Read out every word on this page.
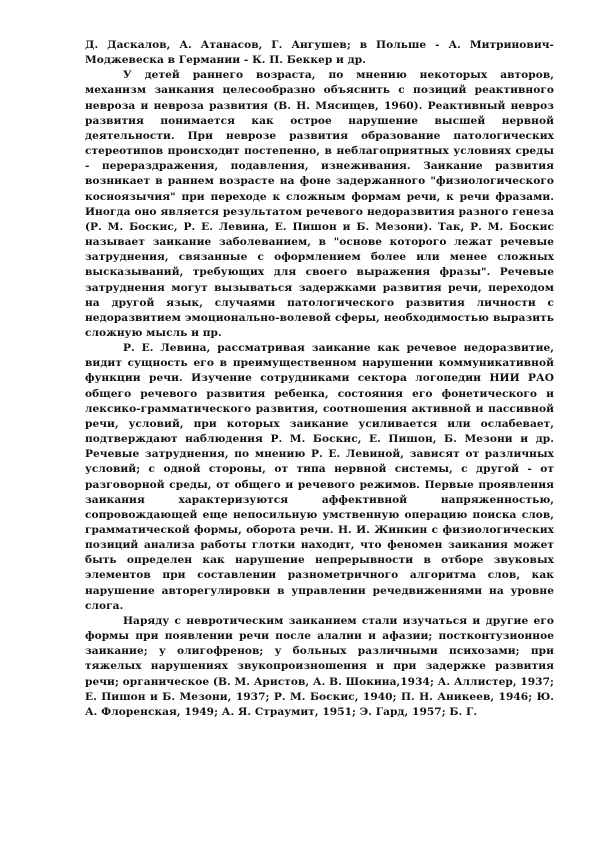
Д. Даскалов, А. Атанасов, Г. Ангушев; в Польше - А. Митринович-Моджевеска в Германии - К. П. Беккер и др.

У детей раннего возраста, по мнению некоторых авторов, механизм заикания целесообразно объяснить с позиций реактивного невроза и невроза развития (В. Н. Мясищев, 1960). Реактивный невроз развития понимается как острое нарушение высшей нервной деятельности. При неврозе развития образование патологических стереотипов происходит постепенно, в неблагоприятных условиях среды - перераздражения, подавления, изнеживания. Заикание развития возникает в раннем возрасте на фоне задержанного "физиологического косноязычия" при переходе к сложным формам речи, к речи фразами. Иногда оно является результатом речевого недоразвития разного генеза (Р. М. Боскис, Р. Е. Левина, Е. Пишон и Б. Мезони). Так, Р. М. Боскис называет заикание заболеванием, в "основе которого лежат речевые затруднения, связанные с оформлением более или менее сложных высказываний, требующих для своего выражения фразы". Речевые затруднения могут вызываться задержками развития речи, переходом на другой язык, случаями патологического развития личности с недоразвитием эмоционально-волевой сферы, необходимостью выразить сложную мысль и пр.

Р. Е. Левина, рассматривая заикание как речевое недоразвитие, видит сущность его в преимущественном нарушении коммуникативной функции речи. Изучение сотрудниками сектора логопедии НИИ РАО общего речевого развития ребенка, состояния его фонетического и лексико-грамматического развития, соотношения активной и пассивной речи, условий, при которых заикание усиливается или ослабевает, подтверждают наблюдения Р. М. Боскис, Е. Пишон, Б. Мезони и др. Речевые затруднения, по мнению Р. Е. Левиной, зависят от различных условий; с одной стороны, от типа нервной системы, с другой - от разговорной среды, от общего и речевого режимов. Первые проявления заикания характеризуются аффективной напряженностью, сопровождающей еще непосильную умственную операцию поиска слов, грамматической формы, оборота речи. Н. И. Жинкин с физиологических позиций анализа работы глотки находит, что феномен заикания может быть определен как нарушение непрерывности в отборе звуковых элементов при составлении разнометричного алгоритма слов, как нарушение авторегулировки в управлении речедвижениями на уровне слога.

Наряду с невротическим заиканием стали изучаться и другие его формы при появлении речи после алалии и афазии; постконтузионное заикание; у олигофренов; у больных различными психозами; при тяжелых нарушениях звукопроизношения и при задержке развития речи; органическое (В. М. Аристов, А. В. Шокина,1934; А. Аллистер, 1937; Е. Пишон и Б. Мезони, 1937; Р. М. Боскис, 1940; П. Н. Аникеев, 1946; Ю. А. Флоренская, 1949; А. Я. Страумит, 1951; Э. Гард, 1957; Б. Г.
